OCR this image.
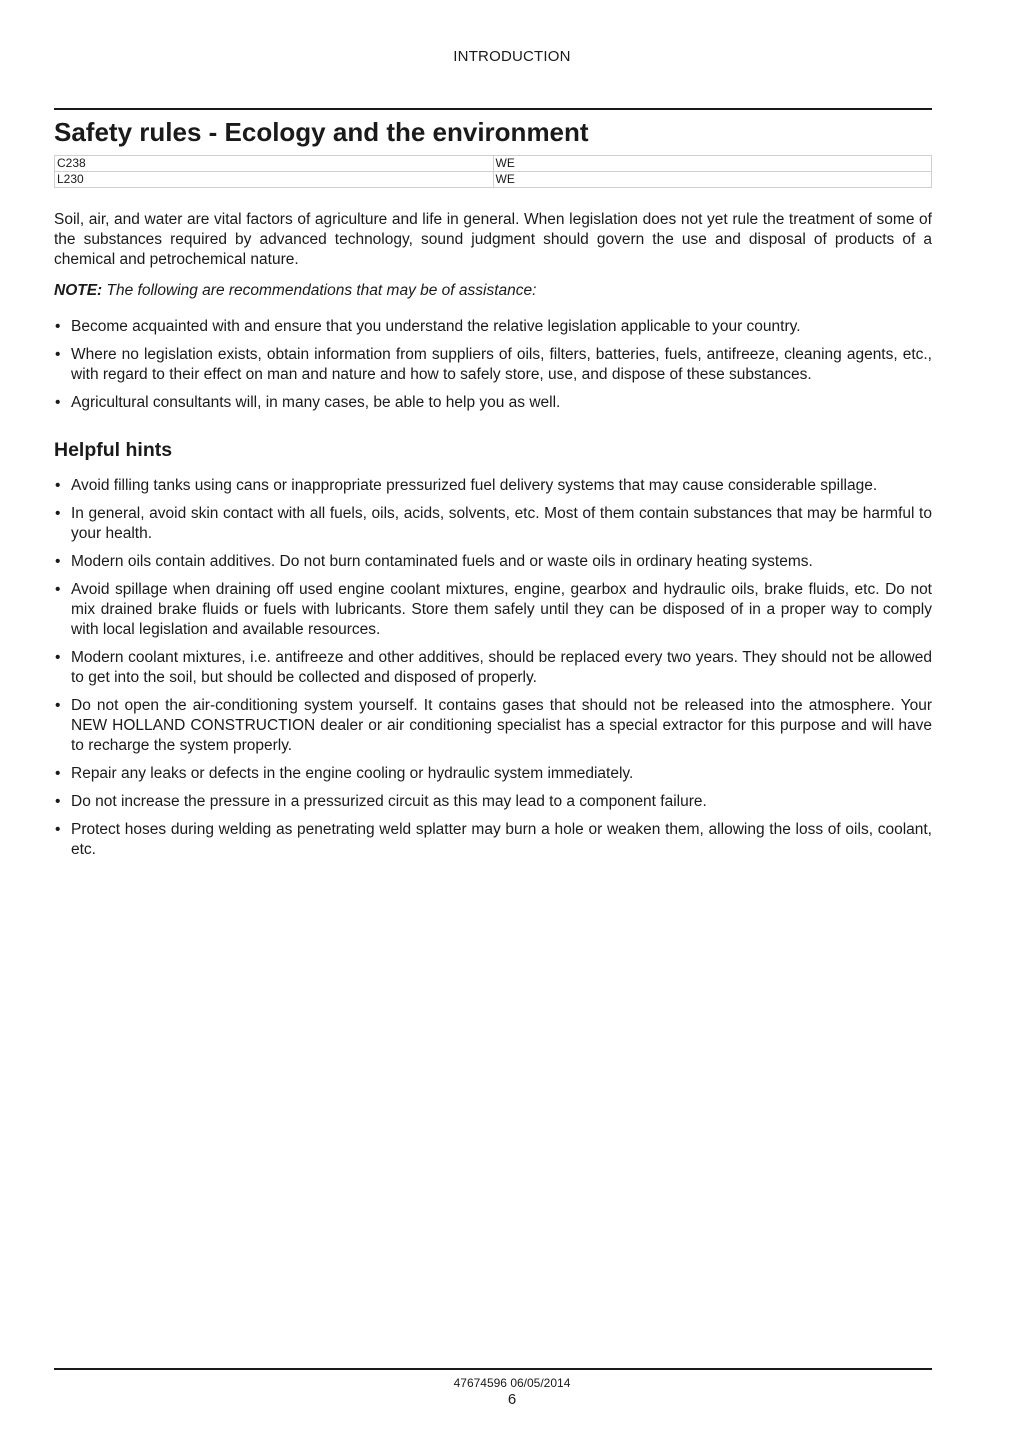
INTRODUCTION
Safety rules - Ecology and the environment
C238	WE
L230	WE

Soil, air, and water are vital factors of agriculture and life in general. When legislation does not yet rule the treatment of some of the substances required by advanced technology, sound judgment should govern the use and disposal of products of a chemical and petrochemical nature.

NOTE: The following are recommendations that may be of assistance:

• Become acquainted with and ensure that you understand the relative legislation applicable to your country.
• Where no legislation exists, obtain information from suppliers of oils, filters, batteries, fuels, antifreeze, cleaning agents, etc., with regard to their effect on man and nature and how to safely store, use, and dispose of these substances.
• Agricultural consultants will, in many cases, be able to help you as well.
Helpful hints
• Avoid filling tanks using cans or inappropriate pressurized fuel delivery systems that may cause considerable spillage.
• In general, avoid skin contact with all fuels, oils, acids, solvents, etc. Most of them contain substances that may be harmful to your health.
• Modern oils contain additives. Do not burn contaminated fuels and or waste oils in ordinary heating systems.
• Avoid spillage when draining off used engine coolant mixtures, engine, gearbox and hydraulic oils, brake fluids, etc. Do not mix drained brake fluids or fuels with lubricants. Store them safely until they can be disposed of in a proper way to comply with local legislation and available resources.
• Modern coolant mixtures, i.e. antifreeze and other additives, should be replaced every two years. They should not be allowed to get into the soil, but should be collected and disposed of properly.
• Do not open the air-conditioning system yourself. It contains gases that should not be released into the atmosphere. Your NEW HOLLAND CONSTRUCTION dealer or air conditioning specialist has a special extractor for this purpose and will have to recharge the system properly.
• Repair any leaks or defects in the engine cooling or hydraulic system immediately.
• Do not increase the pressure in a pressurized circuit as this may lead to a component failure.
• Protect hoses during welding as penetrating weld splatter may burn a hole or weaken them, allowing the loss of oils, coolant, etc.
47674596 06/05/2014
6
